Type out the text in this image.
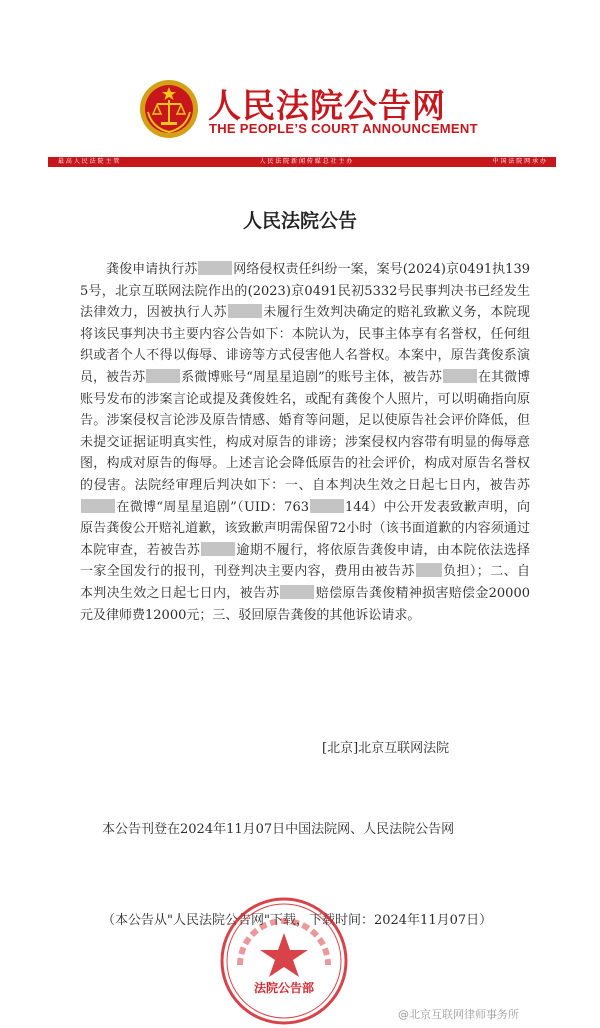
人民法院公告网
THE PEOPLE’S COURT ANNOUNCEMENT
最 高 人 民 法 院 主 管	人 民 法 院 新 闻 传 媒 总 社 主 办	中 国 法 院 网 承 办
人民法院公告
龚俊申请执行苏	网络侵权责任纠纷一案，案号(2024)京0491执1395号，北京互联网法院作出的(2023)京0491民初5332号民事判决书已经发生法律效力，因被执行人苏	未履行生效判决确定的赔礼致歉义务，本院现将该民事判决书主要内容公告如下：本院认为，民事主体享有名誉权，任何组织或者个人不得以侮辱、诽谤等方式侵害他人名誉权。本案中，原告龚俊系演员，被告苏	系微博账号“周星星追剧”的账号主体，被告苏	在其微博账号发布的涉案言论或提及龚俊姓名，或配有龚俊个人照片，可以明确指向原告。涉案侵权言论涉及原告情感、婚育等问题，足以使原告社会评价降低，但未提交证据证明真实性，构成对原告的诽谤；涉案侵权内容带有明显的侮辱意图，构成对原告的侮辱。上述言论会降低原告的社会评价，构成对原告名誉权的侵害。法院经审理后判决如下：一、自本判决生效之日起七日内，被告苏在微博“周星星追剧”（UID：763	144）中公开发表致歉声明，向原告龚俊公开赔礼道歉，该致歉声明需保留72小时（该书面道歉的内容须通过本院审查，若被告苏	逾期不履行，将依原告龚俊申请，由本院依法选择一家全国发行的报刊，刊登判决主要内容，费用由被告苏 负担）；二、自本判决生效之日起七日内，被告苏	赔偿原告龚俊精神损害赔偿金20000元及律师费12000元；三、驳回原告龚俊的其他诉讼请求。
[北京]北京互联网法院
本公告刊登在2024年11月07日中国法院网、人民法院公告网
（本公告从"人民法院公告网"下载，下载时间：2024年11月07日）
法院公告部
@北京互联网律师事务所
